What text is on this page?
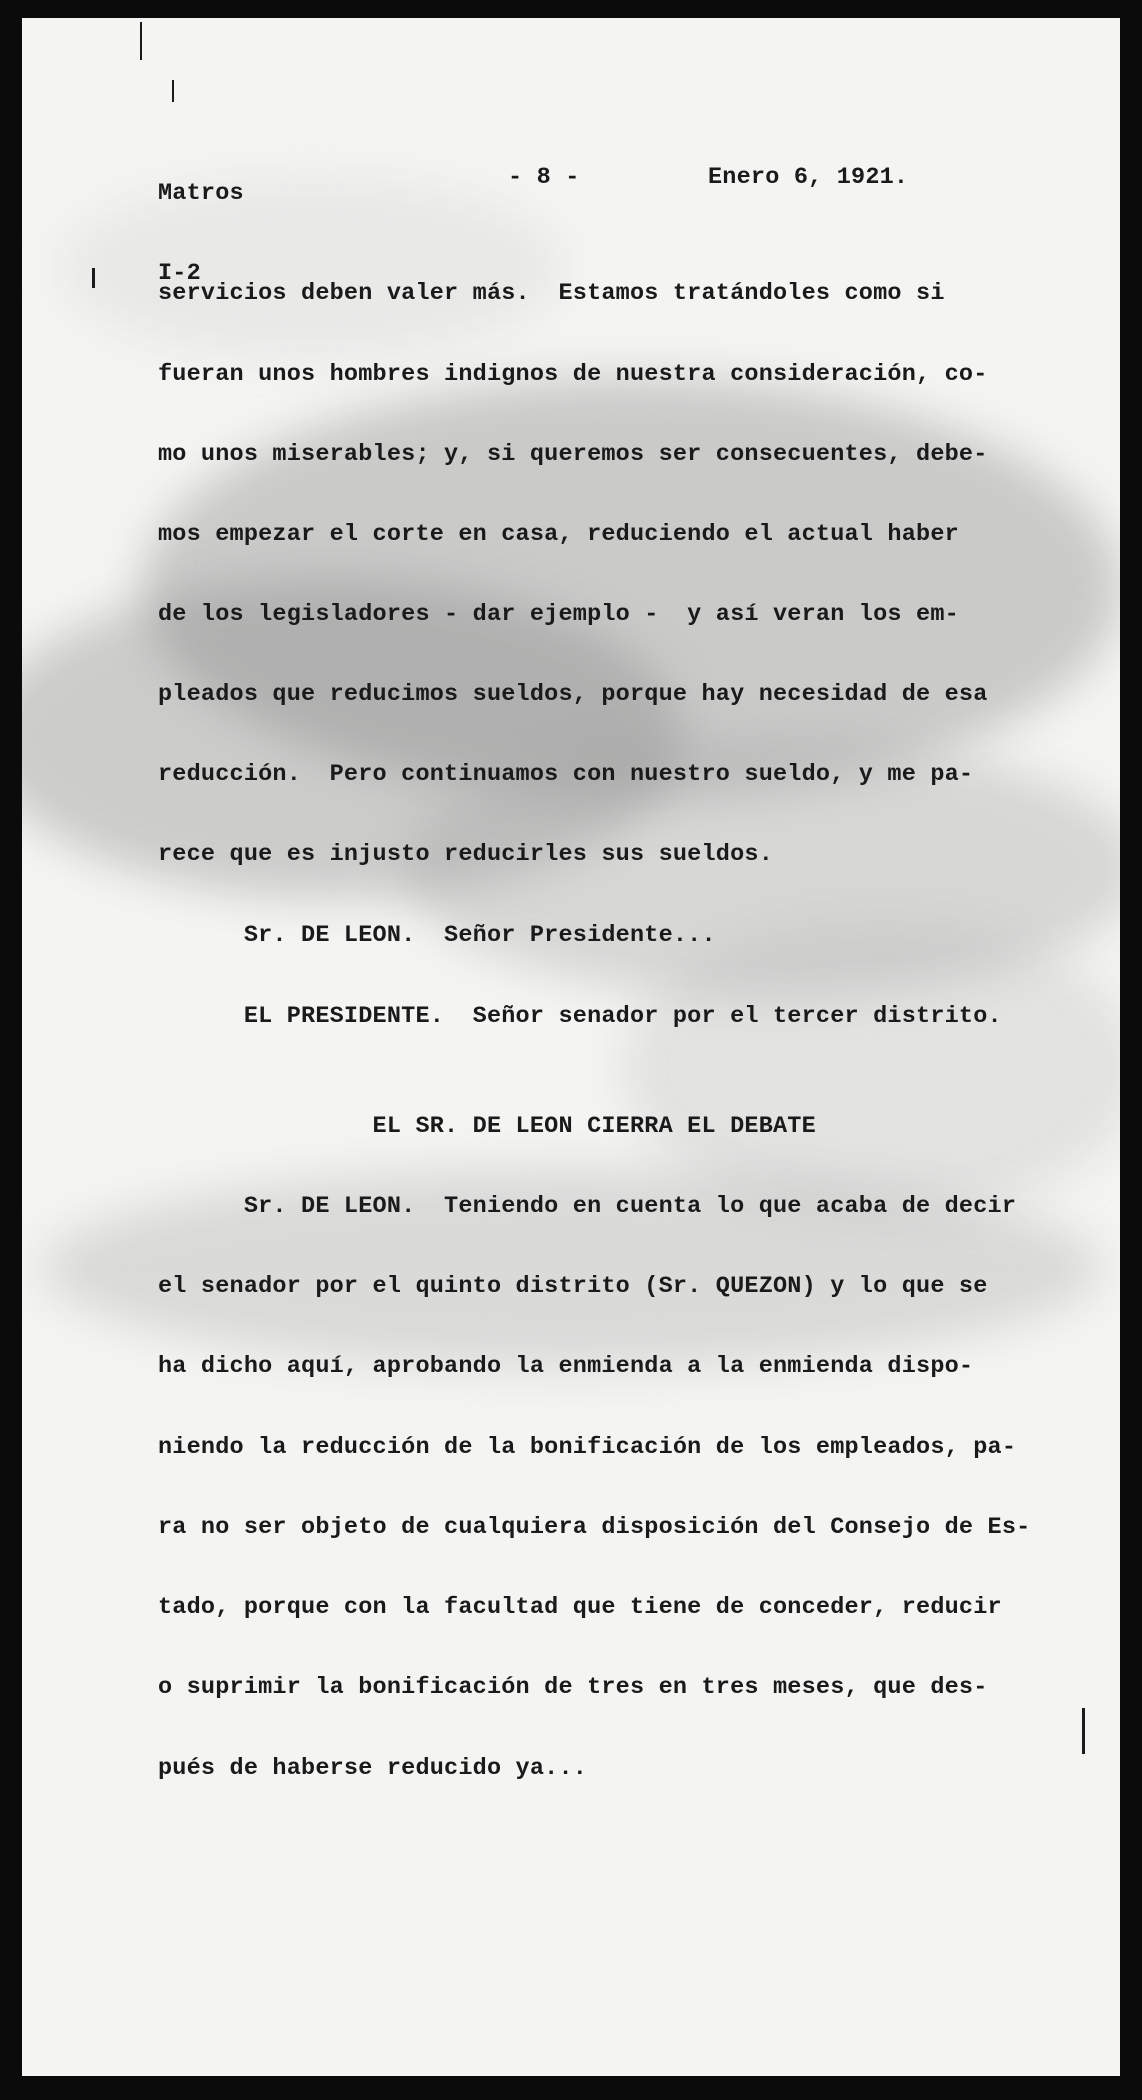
Matros

I-2

- 8 -	Enero 6, 1921.
servicios deben valer más.  Estamos tratándoles como si
fueran unos hombres indignos de nuestra consideración, co-
mo unos miserables; y, si queremos ser consecuentes, debe-
mos empezar el corte en casa, reduciendo el actual haber
de los legisladores - dar ejemplo -  y así veran los em-
pleados que reducimos sueldos, porque hay necesidad de esa
reducción.  Pero continuamos con nuestro sueldo, y me pa-
rece que es injusto reducirles sus sueldos.
Sr. DE LEON.  Señor Presidente...
EL PRESIDENTE.  Señor senador por el tercer distrito.
EL SR. DE LEON CIERRA EL DEBATE
Sr. DE LEON.  Teniendo en cuenta lo que acaba de decir
el senador por el quinto distrito (Sr. QUEZON) y lo que se
ha dicho aquí, aprobando la enmienda a la enmienda dispo-
niendo la reducción de la bonificación de los empleados, pa-
ra no ser objeto de cualquiera disposición del Consejo de Es-
tado, porque con la facultad que tiene de conceder, reducir
o suprimir la bonificación de tres en tres meses, que des-
pués de haberse reducido ya...
